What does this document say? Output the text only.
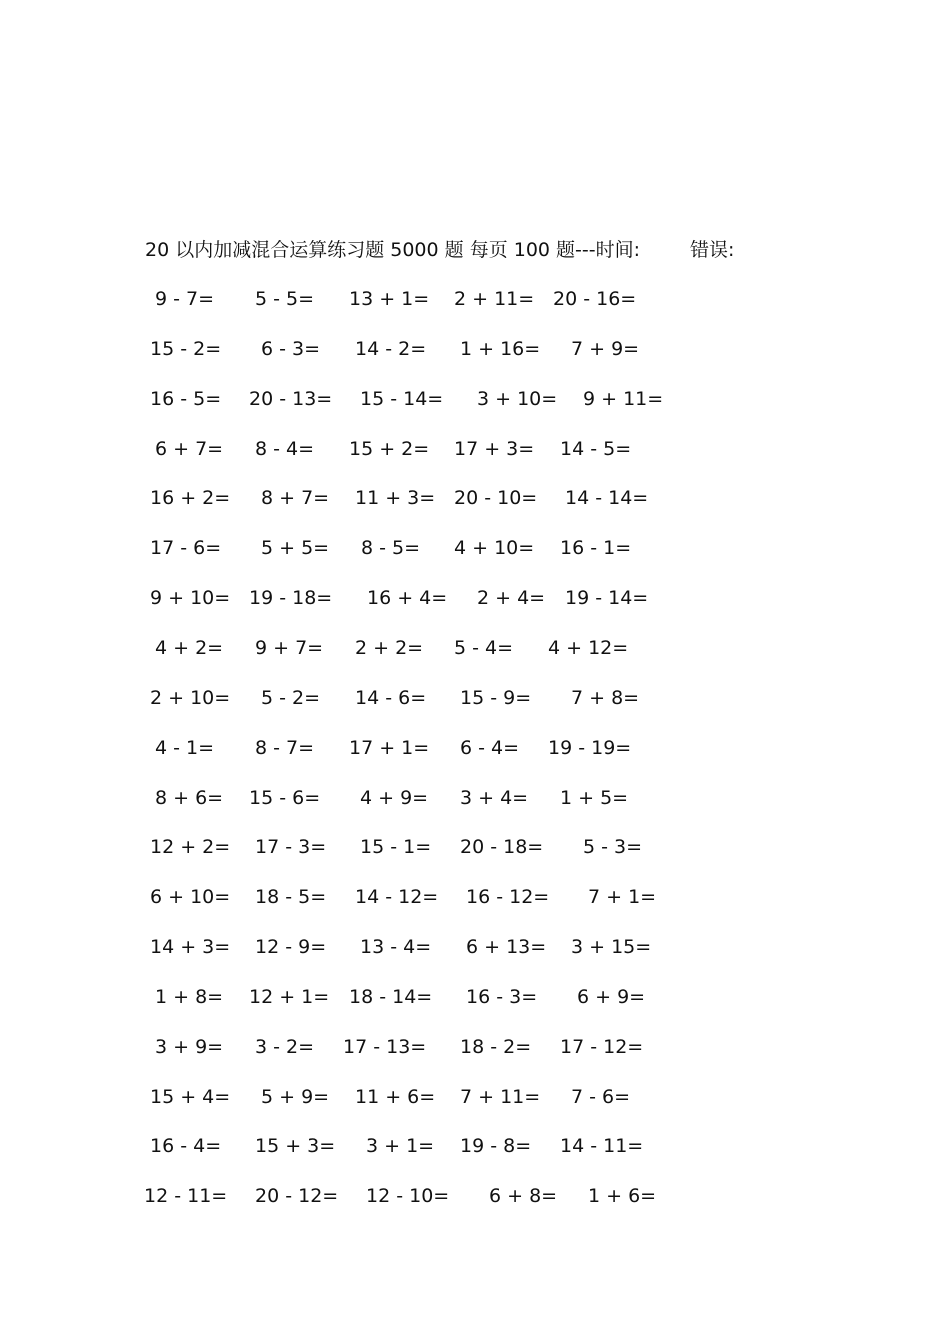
20 以内加减混合运算练习题 5000 题 每页 100 题---时间:	错误:
9 - 7= 5 - 5= 13 + 1= 2 + 11= 20 - 16=
15 - 2= 6 - 3= 14 - 2= 1 + 16= 7 + 9=
16 - 5= 20 - 13= 15 - 14= 3 + 10= 9 + 11=
6 + 7= 8 - 4= 15 + 2= 17 + 3= 14 - 5=
16 + 2= 8 + 7= 11 + 3= 20 - 10= 14 - 14=
17 - 6= 5 + 5= 8 - 5= 4 + 10= 16 - 1=
9 + 10= 19 - 18= 16 + 4= 2 + 4= 19 - 14=
4 + 2= 9 + 7= 2 + 2= 5 - 4= 4 + 12=
2 + 10= 5 - 2= 14 - 6= 15 - 9= 7 + 8=
4 - 1= 8 - 7= 17 + 1= 6 - 4= 19 - 19=
8 + 6= 15 - 6= 4 + 9= 3 + 4= 1 + 5=
12 + 2= 17 - 3= 15 - 1= 20 - 18= 5 - 3=
6 + 10= 18 - 5= 14 - 12= 16 - 12= 7 + 1=
14 + 3= 12 - 9= 13 - 4= 6 + 13= 3 + 15=
1 + 8= 12 + 1= 18 - 14= 16 - 3= 6 + 9=
3 + 9= 3 - 2= 17 - 13= 18 - 2= 17 - 12=
15 + 4= 5 + 9= 11 + 6= 7 + 11= 7 - 6=
16 - 4= 15 + 3= 3 + 1= 19 - 8= 14 - 11=
12 - 11= 20 - 12= 12 - 10= 6 + 8= 1 + 6=
